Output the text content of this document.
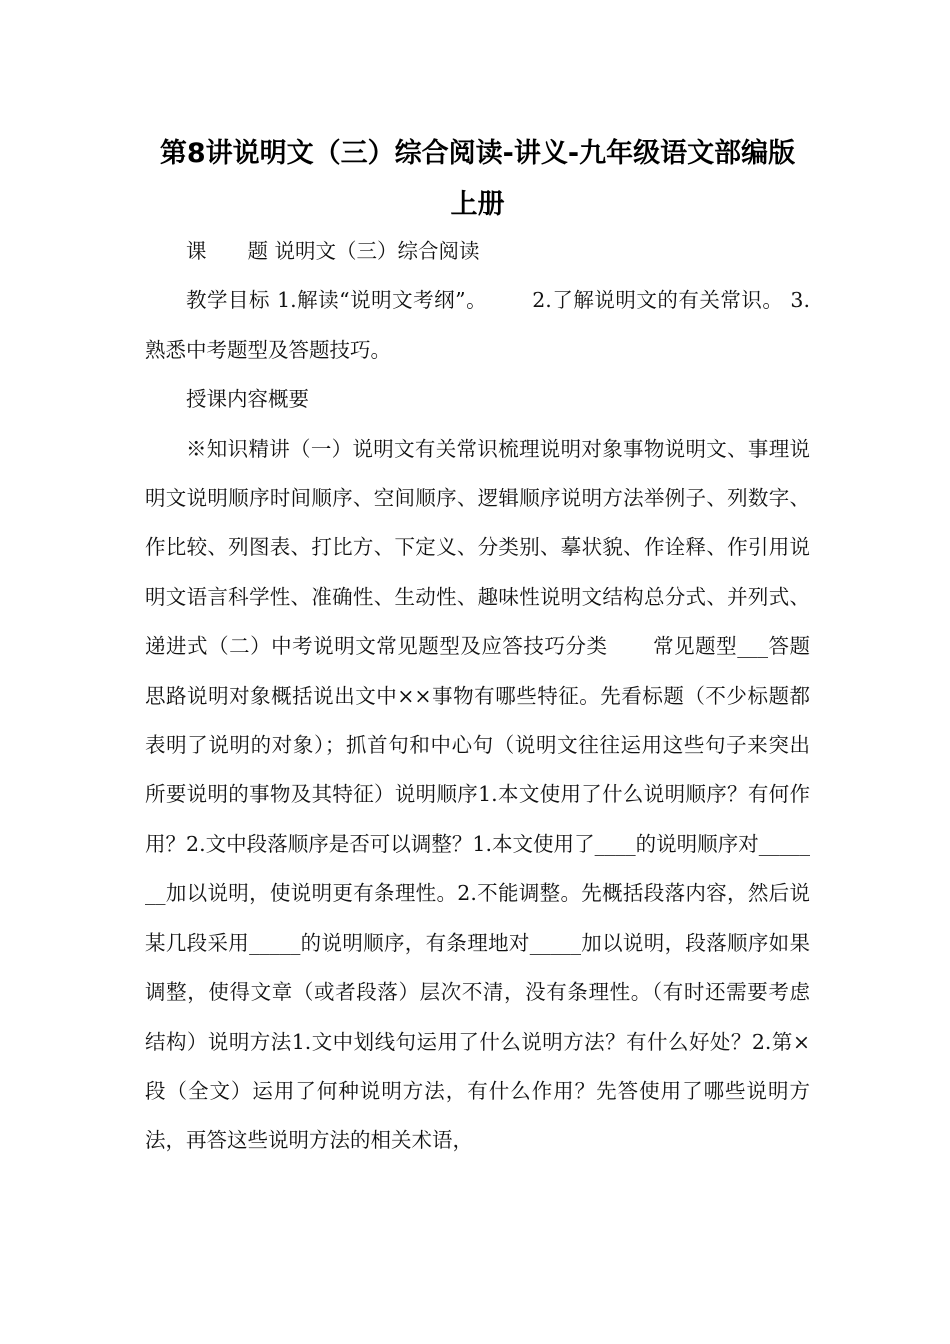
第8讲说明文（三）综合阅读-讲义-九年级语文部编版
上册

课　　题 说明文（三）综合阅读

教学目标 1.解读“说明文考纲”。 2.了解说明文的有关常识。 3.熟悉中考题型及答题技巧。

授课内容概要

※知识精讲（一）说明文有关常识梳理说明对象事物说明文、事理说明文说明顺序时间顺序、空间顺序、逻辑顺序说明方法举例子、列数字、作比较、列图表、打比方、下定义、分类别、摹状貌、作诠释、作引用说明文语言科学性、准确性、生动性、趣味性说明文结构总分式、并列式、递进式（二）中考说明文常见题型及应答技巧分类 常见题型___答题思路说明对象概括说出文中××事物有哪些特征。先看标题（不少标题都表明了说明的对象）；抓首句和中心句（说明文往往运用这些句子来突出所要说明的事物及其特征）说明顺序1.本文使用了什么说明顺序？有何作用？2.文中段落顺序是否可以调整？1.本文使用了____的说明顺序对_______加以说明，使说明更有条理性。2.不能调整。先概括段落内容，然后说某几段采用_____的说明顺序，有条理地对_____加以说明，段落顺序如果调整，使得文章（或者段落）层次不清，没有条理性。（有时还需要考虑结构）说明方法1.文中划线句运用了什么说明方法？有什么好处？2.第×段（全文）运用了何种说明方法，有什么作用？先答使用了哪些说明方法，再答这些说明方法的相关术语，
